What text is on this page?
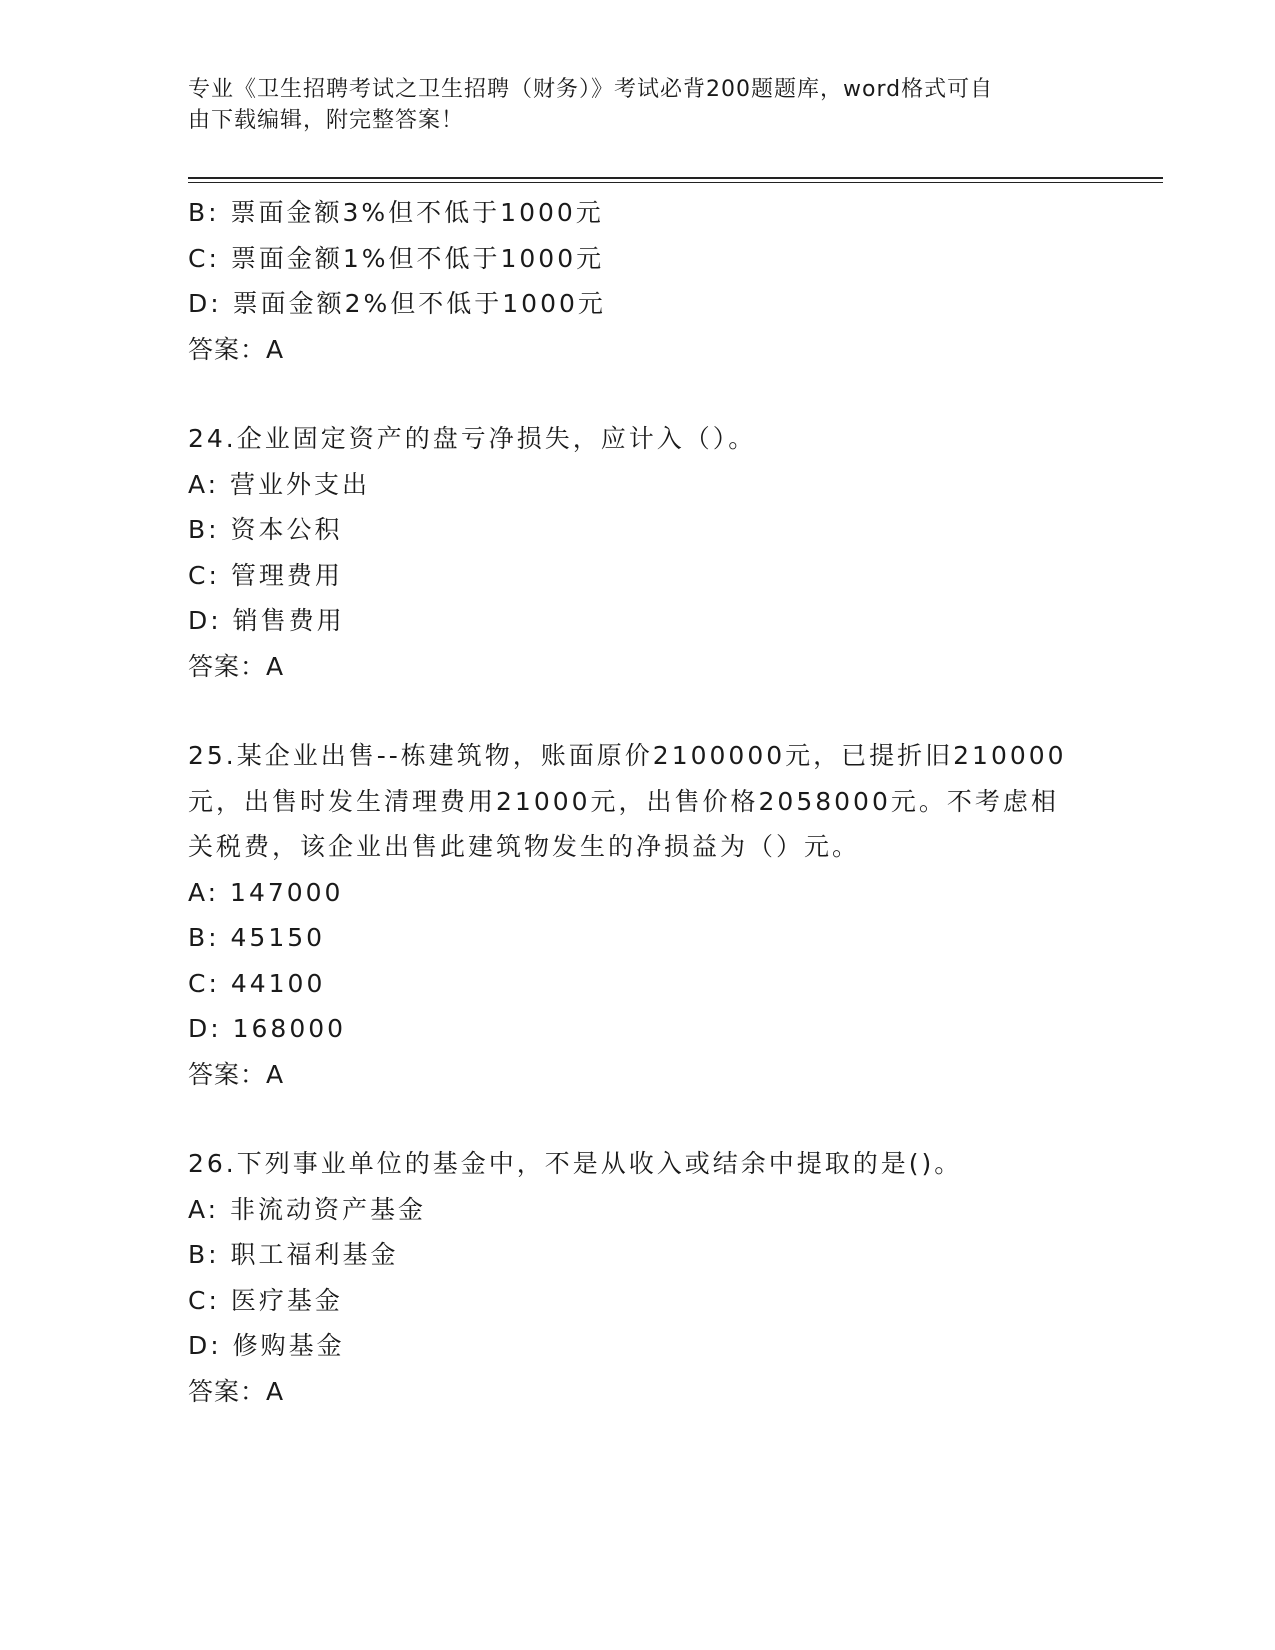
专业《卫生招聘考试之卫生招聘（财务）》考试必背200题题库，word格式可自
由下载编辑，附完整答案！
B: 票面金额3%但不低于1000元
C: 票面金额1%但不低于1000元
D: 票面金额2%但不低于1000元
答案：A
24.企业固定资产的盘亏净损失，应计入（）。
A: 营业外支出
B: 资本公积
C: 管理费用
D: 销售费用
答案：A
25.某企业出售--栋建筑物，账面原价2100000元，已提折旧210000
元，出售时发生清理费用21000元，出售价格2058000元。不考虑相
关税费，该企业出售此建筑物发生的净损益为（）元。
A: 147000
B: 45150
C: 44100
D: 168000
答案：A
26.下列事业单位的基金中，不是从收入或结余中提取的是()。
A: 非流动资产基金
B: 职工福利基金
C: 医疗基金
D: 修购基金
答案：A
